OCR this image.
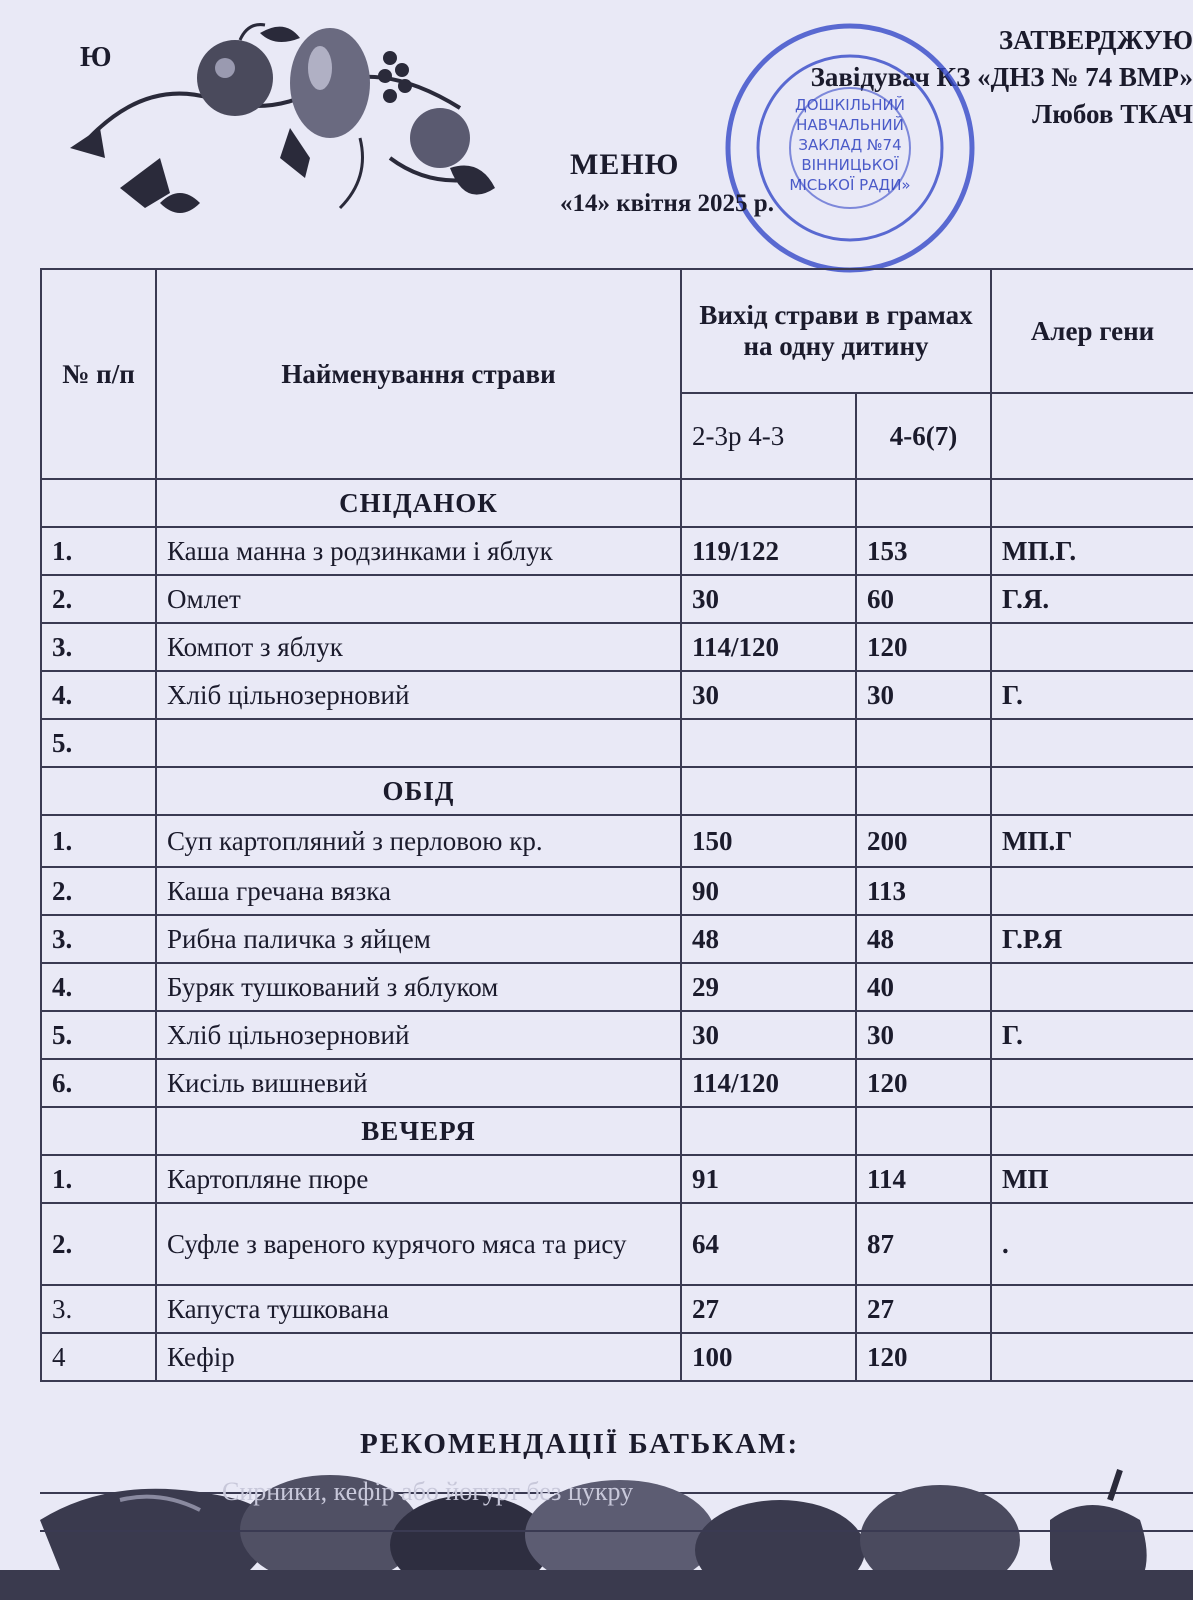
Ю
ЗАТВЕРДЖУЮ
Завідувач КЗ «ДНЗ № 74 ВМР»
Любов ТКАЧ
ДОШКІЛЬНИЙ
НАВЧАЛЬНИЙ
ЗАКЛАД №74
ВІННИЦЬКОЇ
МІСЬКОЇ РАДИ»
МЕНЮ
«14» квітня 2025 р.
№ п/п	Найменування страви	Вихід страви в грамах на одну дитину		Алер гени
		2-3р 4-3	4-6(7)	
	СНІДАНОК			
1.	Каша манна з родзинками і яблук	119/122	153	МП.Г.
2.	Омлет	30	60	Г.Я.
3.	Компот з яблук	114/120	120	
4.	Хліб цільнозерновий	30	30	Г.
5.				
	ОБІД			
1.	Суп картопляний з перловою кр.	150	200	МП.Г
2.	Каша гречана вязка	90	113	
3.	Рибна паличка з яйцем	48	48	Г.Р.Я
4.	Буряк тушкований з яблуком	29	40	
5.	Хліб цільнозерновий	30	30	Г.
6.	Кисіль вишневий	114/120	120	
	ВЕЧЕРЯ			
1.	Картопляне пюре	91	114	МП
2.	Суфле з вареного курячого мяса та рису	64	87	.
3.	Капуста тушкована	27	27	
4	Кефір	100	120	
РЕКОМЕНДАЦІЇ БАТЬКАМ:
Сирники, кефір або йогурт без цукру
